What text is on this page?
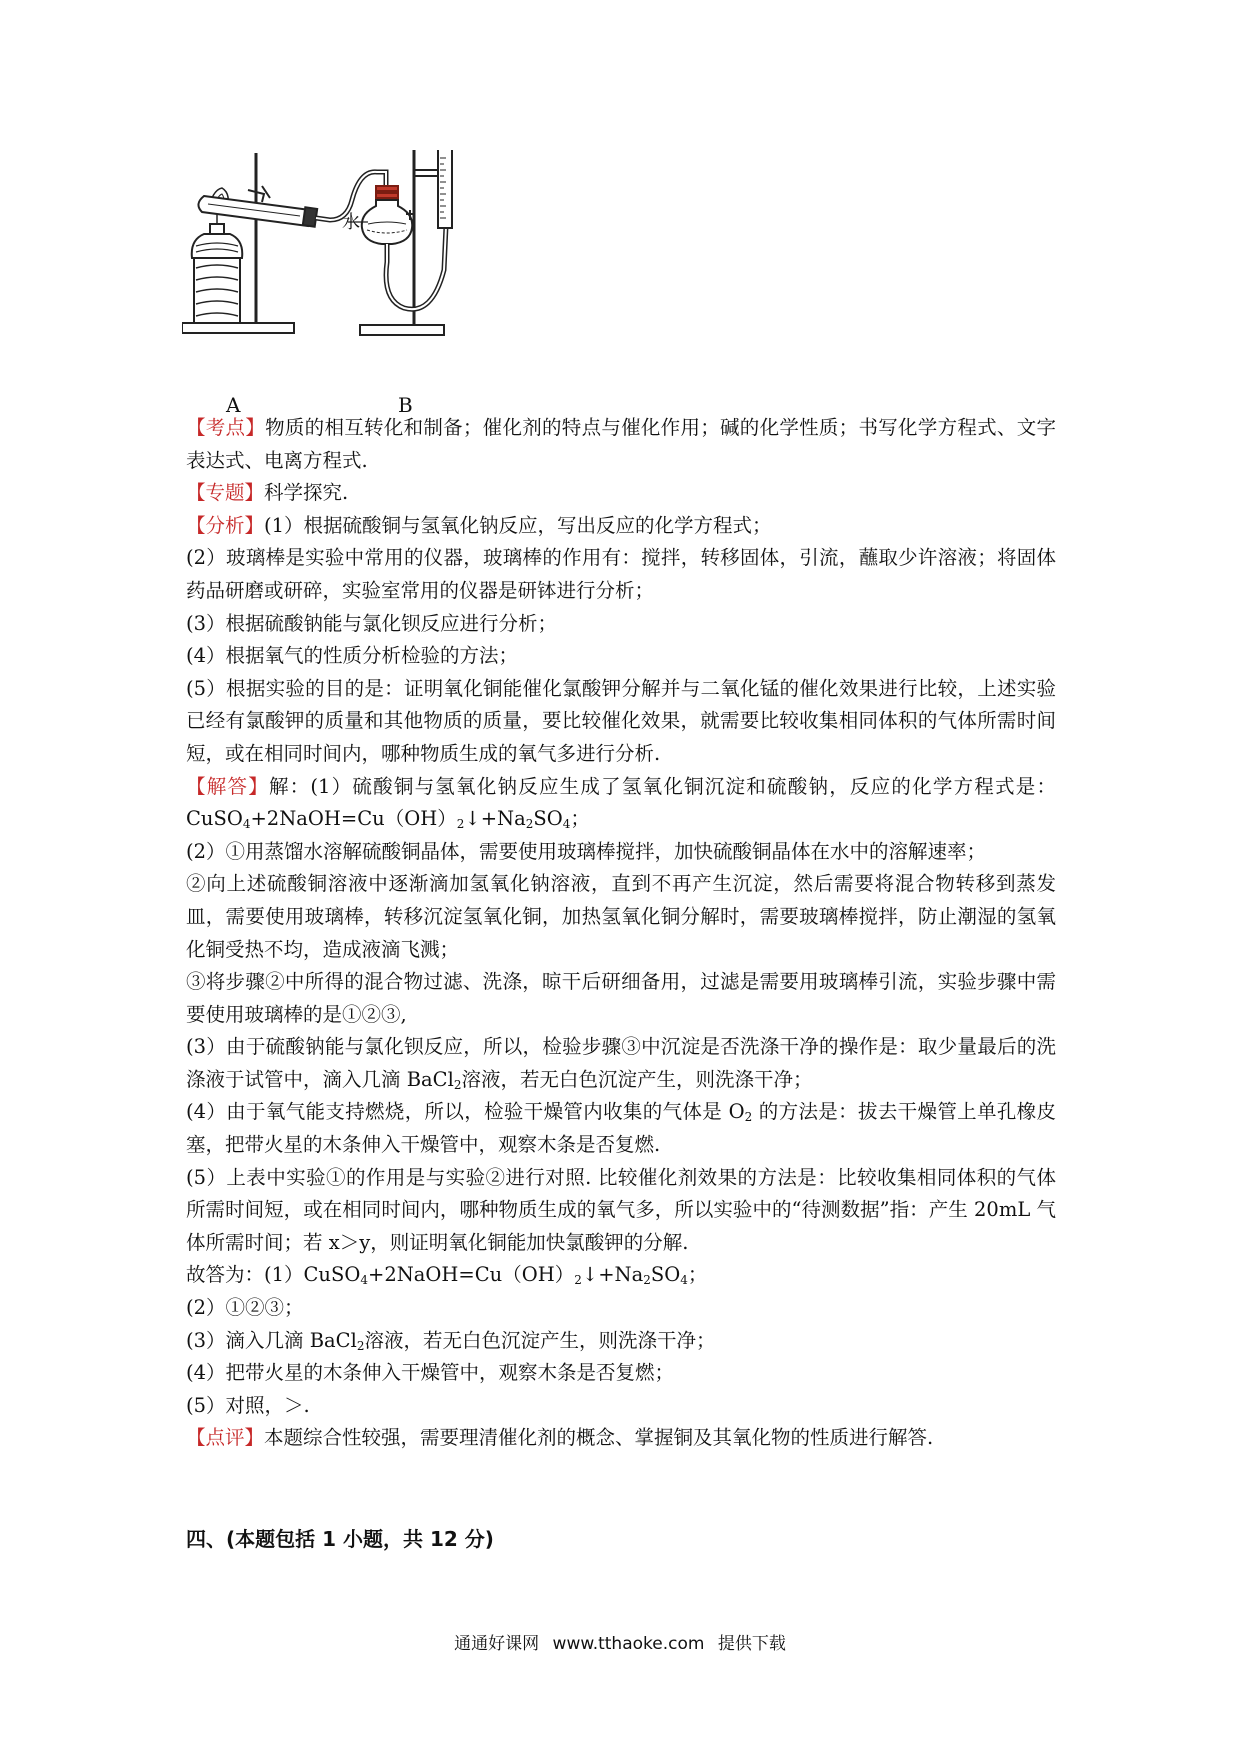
水
A	B

【考点】物质的相互转化和制备；催化剂的特点与催化作用；碱的化学性质；书写化学方程式、文字表达式、电离方程式.

【专题】科学探究.

【分析】(1）根据硫酸铜与氢氧化钠反应，写出反应的化学方程式；

(2）玻璃棒是实验中常用的仪器，玻璃棒的作用有：搅拌，转移固体，引流，蘸取少许溶液；将固体药品研磨或研碎，实验室常用的仪器是研钵进行分析；

(3）根据硫酸钠能与氯化钡反应进行分析；

(4）根据氧气的性质分析检验的方法；

(5）根据实验的目的是：证明氧化铜能催化氯酸钾分解并与二氧化锰的催化效果进行比较，上述实验已经有氯酸钾的质量和其他物质的质量，要比较催化效果，就需要比较收集相同体积的气体所需时间短，或在相同时间内，哪种物质生成的氧气多进行分析.

【解答】解：(1）硫酸铜与氢氧化钠反应生成了氢氧化铜沉淀和硫酸钠，反应的化学方程式是：$CuSO_4+2NaOH=Cu(OH)_2↓+Na_2SO_4$；

(2）①用蒸馏水溶解硫酸铜晶体，需要使用玻璃棒搅拌，加快硫酸铜晶体在水中的溶解速率；

②向上述硫酸铜溶液中逐渐滴加氢氧化钠溶液，直到不再产生沉淀，然后需要将混合物转移到蒸发皿，需要使用玻璃棒，转移沉淀氢氧化铜，加热氢氧化铜分解时，需要玻璃棒搅拌，防止潮湿的氢氧化铜受热不均，造成液滴飞溅；

③将步骤②中所得的混合物过滤、洗涤，晾干后研细备用，过滤是需要用玻璃棒引流，实验步骤中需要使用玻璃棒的是①②③,

(3）由于硫酸钠能与氯化钡反应，所以，检验步骤③中沉淀是否洗涤干净的操作是：取少量最后的洗涤液于试管中，滴入几滴 BaCl$_2$溶液，若无白色沉淀产生，则洗涤干净；

(4）由于氧气能支持燃烧，所以，检验干燥管内收集的气体是 $O_2$ 的方法是：拔去干燥管上单孔橡皮塞，把带火星的木条伸入干燥管中，观察木条是否复燃.

(5）上表中实验①的作用是与实验②进行对照. 比较催化剂效果的方法是：比较收集相同体积的气体所需时间短，或在相同时间内，哪种物质生成的氧气多，所以实验中的“待测数据”指：产生 20mL 气体所需时间；若 x＞y，则证明氧化铜能加快氯酸钾的分解.

故答为：$(1)CuSO_4+2NaOH=Cu(OH)_2↓+Na_2SO_4$；

(2）①②③；

(3）滴入几滴 BaCl$_2$溶液，若无白色沉淀产生，则洗涤干净；

(4）把带火星的木条伸入干燥管中，观察木条是否复燃；

(5）对照，＞.

【点评】本题综合性较强，需要理清催化剂的概念、掌握铜及其氧化物的性质进行解答.

四、(本题包括 1 小题，共 12 分)
通通好课网 www.tthaoke.com 提供下载
